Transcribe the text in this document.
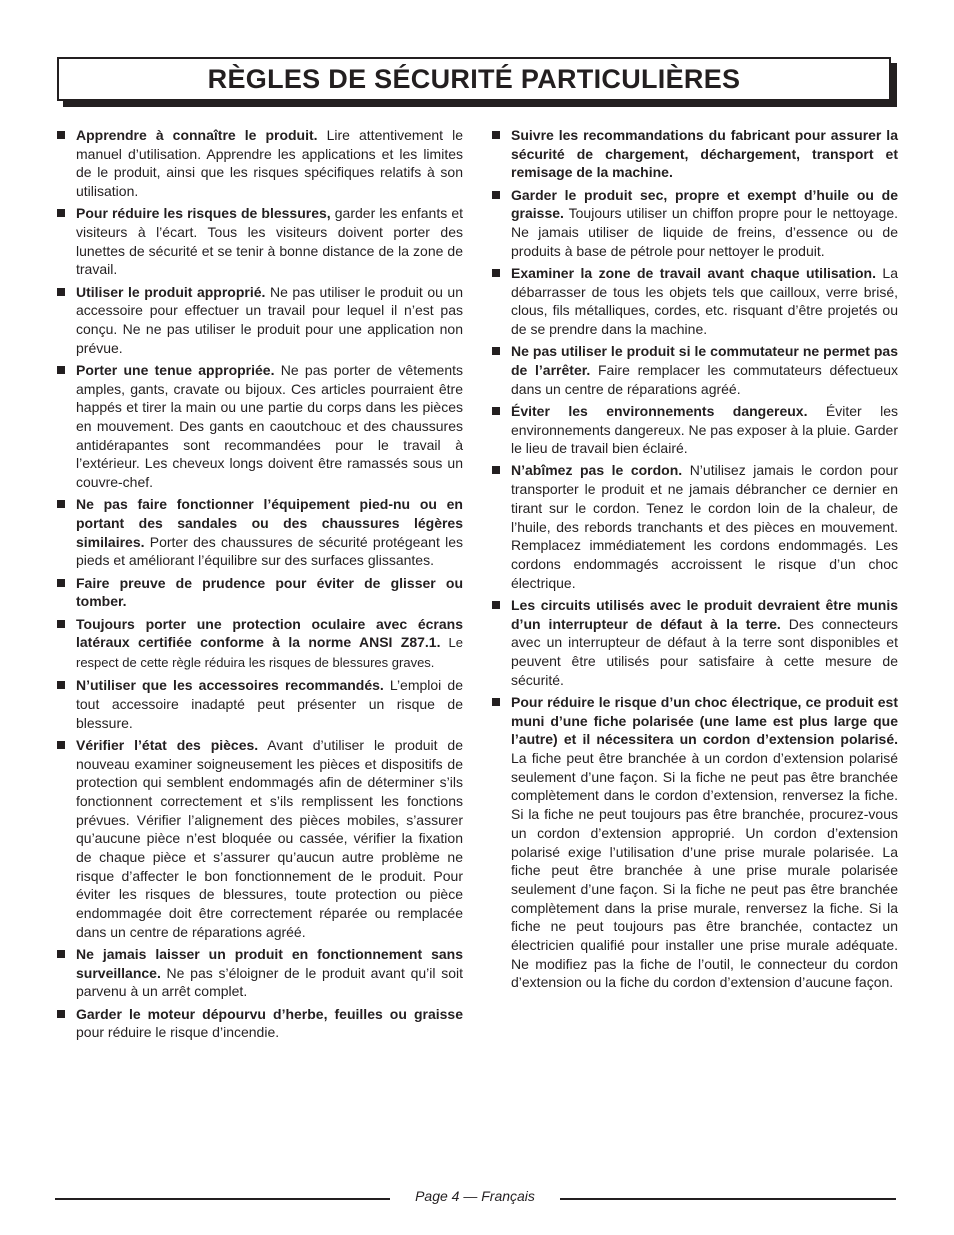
RÈGLES DE SÉCURITÉ PARTICULIÈRES
Apprendre à connaître le produit. Lire attentivement le manuel d’utilisation. Apprendre les applications et les limites de le produit, ainsi que les risques spécifiques relatifs à son utilisation.
Pour réduire les risques de blessures, garder les enfants et visiteurs à l’écart. Tous les visiteurs doivent porter des lunettes de sécurité et se tenir à bonne distance de la zone de travail.
Utiliser le produit approprié. Ne pas utiliser le produit ou un accessoire pour effectuer un travail pour lequel il n’est pas conçu. Ne ne pas utiliser le produit pour une application non prévue.
Porter une tenue appropriée. Ne pas porter de vêtements amples, gants, cravate ou bijoux. Ces articles pourraient être happés et tirer la main ou une partie du corps dans les pièces en mouvement. Des gants en caoutchouc et des chaussures antidérapantes sont recommandées pour le travail à l’extérieur. Les cheveux longs doivent être ramassés sous un couvre-chef.
Ne pas faire fonctionner l’équipement pied-nu ou en portant des sandales ou des chaussures légères similaires. Porter des chaussures de sécurité protégeant les pieds et améliorant l’équilibre sur des surfaces glissantes.
Faire preuve de prudence pour éviter de glisser ou tomber.
Toujours porter une protection oculaire avec écrans latéraux certifiée conforme à la norme ANSI Z87.1. Le respect de cette règle réduira les risques de blessures graves.
N’utiliser que les accessoires recommandés. L’emploi de tout accessoire inadapté peut présenter un risque de blessure.
Vérifier l’état des pièces. Avant d’utiliser le produit de nouveau examiner soigneusement les pièces et dispositifs de protection qui semblent endommagés afin de déterminer s’ils fonctionnent correctement et s’ils remplissent les fonctions prévues. Vérifier l’alignement des pièces mobiles, s’assurer qu’aucune pièce n’est bloquée ou cassée, vérifier la fixation de chaque pièce et s’assurer qu’aucun autre problème ne risque d’affecter le bon fonctionnement de le produit. Pour éviter les risques de blessures, toute protection ou pièce endommagée doit être correctement réparée ou remplacée dans un centre de réparations agréé.
Ne jamais laisser un produit en fonctionnement sans surveillance. Ne pas s’éloigner de le produit avant qu’il soit parvenu à un arrêt complet.
Garder le moteur dépourvu d’herbe, feuilles ou graisse pour réduire le risque d’incendie.
Suivre les recommandations du fabricant pour assurer la sécurité de chargement, déchargement, transport et remisage de la machine.
Garder le produit sec, propre et exempt d’huile ou de graisse. Toujours utiliser un chiffon propre pour le nettoyage. Ne jamais utiliser de liquide de freins, d’essence ou de produits à base de pétrole pour nettoyer le produit.
Examiner la zone de travail avant chaque utilisation. La débarrasser de tous les objets tels que cailloux, verre brisé, clous, fils métalliques, cordes, etc. risquant d’être projetés ou de se prendre dans la machine.
Ne pas utiliser le produit si le commutateur ne permet pas de l’arrêter. Faire remplacer les commutateurs défectueux dans un centre de réparations agréé.
Éviter les environnements dangereux. Éviter les environnements dangereux. Ne pas exposer à la pluie. Garder le lieu de travail bien éclairé.
N’abîmez pas le cordon. N’utilisez jamais le cordon pour transporter le produit et ne jamais débrancher ce dernier en tirant sur le cordon. Tenez le cordon loin de la chaleur, de l’huile, des rebords tranchants et des pièces en mouvement. Remplacez immédiatement les cordons endommagés. Les cordons endommagés accroissent le risque d’un choc électrique.
Les circuits utilisés avec le produit devraient être munis d’un interrupteur de défaut à la terre. Des connecteurs avec un interrupteur de défaut à la terre sont disponibles et peuvent être utilisés pour satisfaire à cette mesure de sécurité.
Pour réduire le risque d’un choc électrique, ce produit est muni d’une fiche polarisée (une lame est plus large que l’autre) et il nécessitera un cordon d’extension polarisé. La fiche peut être branchée à un cordon d’extension polarisé seulement d’une façon. Si la fiche ne peut pas être branchée complètement dans le cordon d’extension, renversez la fiche. Si la fiche ne peut toujours pas être branchée, procurez-vous un cordon d’extension approprié. Un cordon d’extension polarisé exige l’utilisation d’une prise murale polarisée. La fiche peut être branchée à une prise murale polarisée seulement d’une façon. Si la fiche ne peut pas être branchée complètement dans la prise murale, renversez la fiche. Si la fiche ne peut toujours pas être branchée, contactez un électricien qualifié pour installer une prise murale adéquate. Ne modifiez pas la fiche de l’outil, le connecteur du cordon d’extension ou la fiche du cordon d’extension d’aucune façon.
Page 4 — Français
